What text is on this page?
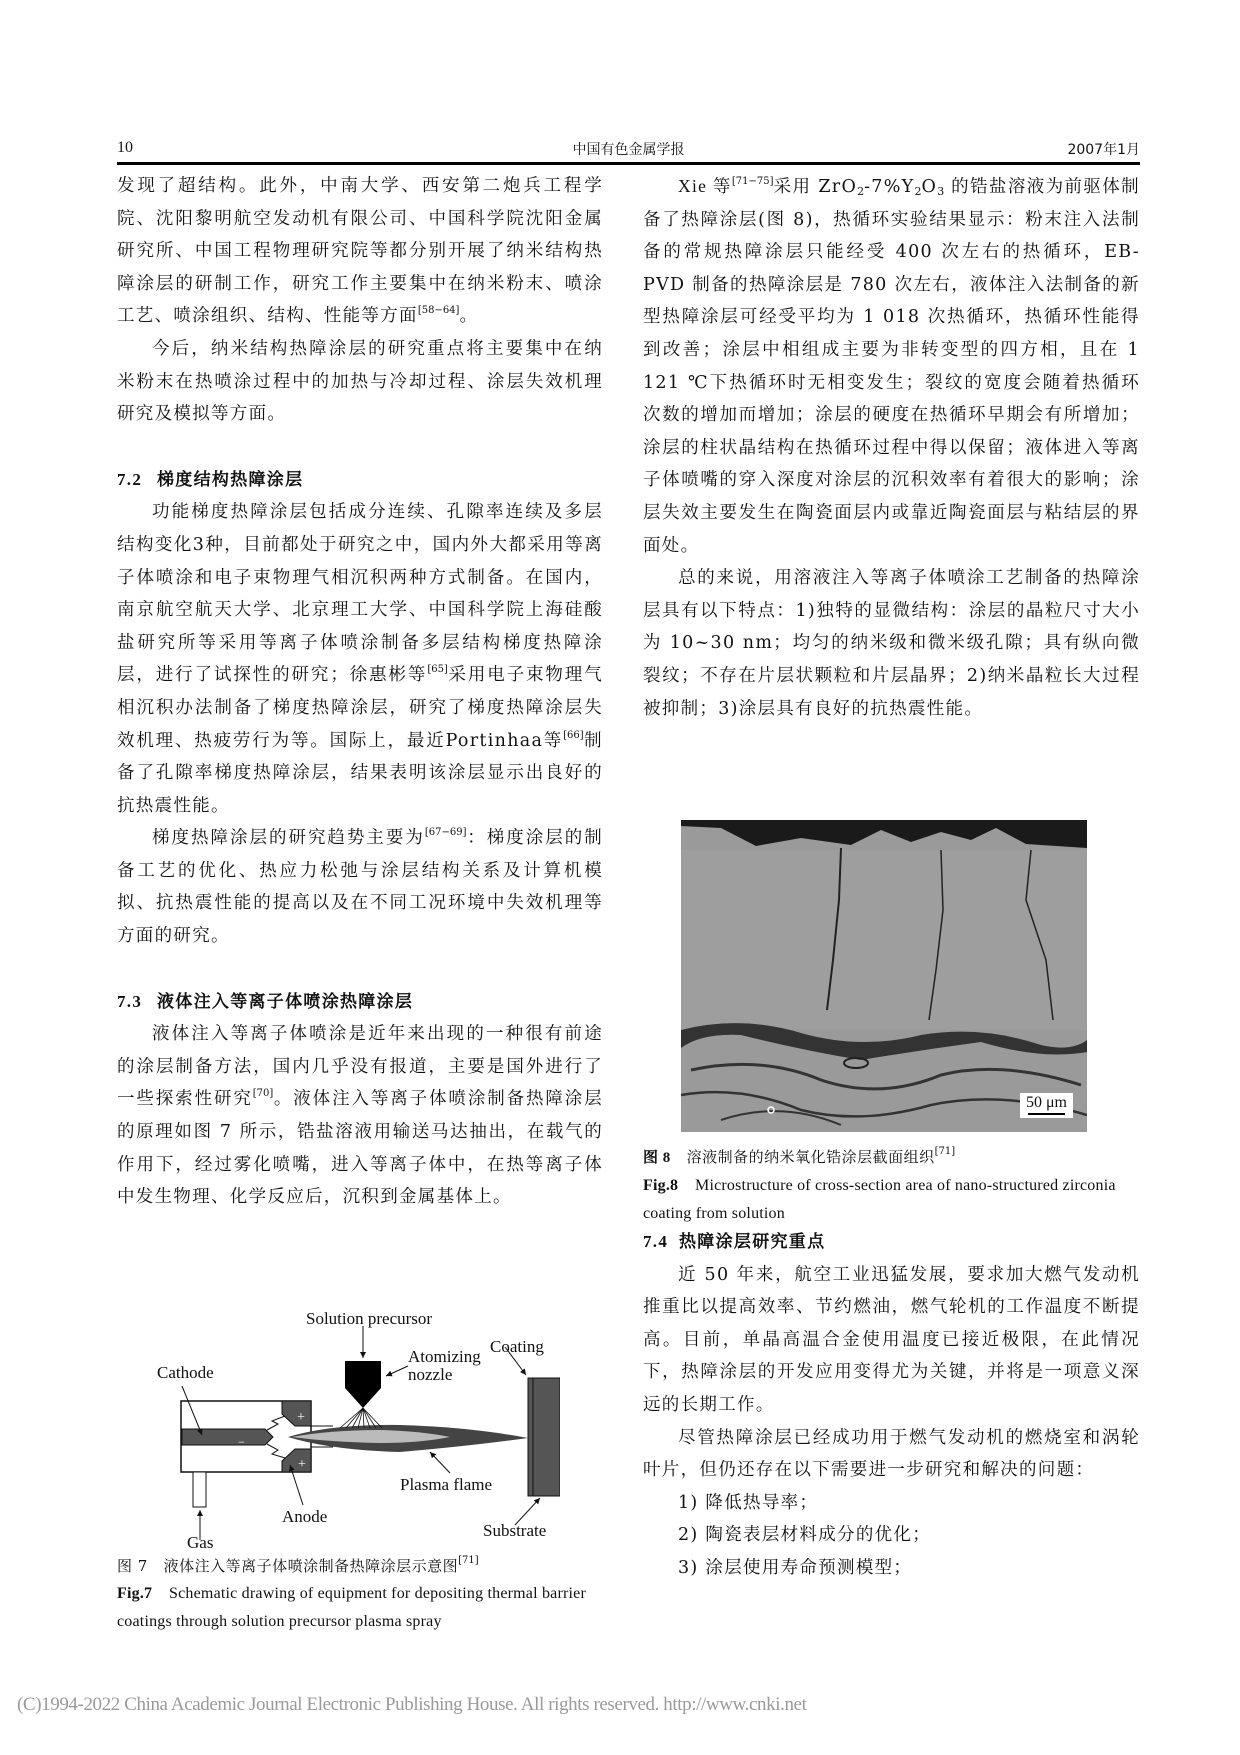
10	中国有色金属学报	2007年1月

发现了超结构。此外，中南大学、西安第二炮兵工程学院、沈阳黎明航空发动机有限公司、中国科学院沈阳金属研究所、中国工程物理研究院等都分别开展了纳米结构热障涂层的研制工作，研究工作主要集中在纳米粉末、喷涂工艺、喷涂组织、结构、性能等方面[58−64]。

今后，纳米结构热障涂层的研究重点将主要集中在纳米粉末在热喷涂过程中的加热与冷却过程、涂层失效机理研究及模拟等方面。

7.2 梯度结构热障涂层

功能梯度热障涂层包括成分连续、孔隙率连续及多层结构变化3种，目前都处于研究之中，国内外大都采用等离子体喷涂和电子束物理气相沉积两种方式制备。在国内，南京航空航天大学、北京理工大学、中国科学院上海硅酸盐研究所等采用等离子体喷涂制备多层结构梯度热障涂层，进行了试探性的研究；徐惠彬等[65]采用电子束物理气相沉积办法制备了梯度热障涂层，研究了梯度热障涂层失效机理、热疲劳行为等。国际上，最近Portinhaa等[66]制备了孔隙率梯度热障涂层，结果表明该涂层显示出良好的抗热震性能。

梯度热障涂层的研究趋势主要为[67−69]：梯度涂层的制备工艺的优化、热应力松弛与涂层结构关系及计算机模拟、抗热震性能的提高以及在不同工况环境中失效机理等方面的研究。

7.3 液体注入等离子体喷涂热障涂层

液体注入等离子体喷涂是近年来出现的一种很有前途的涂层制备方法，国内几乎没有报道，主要是国外进行了一些探索性研究[70]。液体注入等离子体喷涂制备热障涂层的原理如图 7 所示，锆盐溶液用输送马达抽出，在载气的作用下，经过雾化喷嘴，进入等离子体中，在热等离子体中发生物理、化学反应后，沉积到金属基体上。

+
+
−
Solution precursor
Atomizing
nozzle
Coating
Cathode
Plasma flame
Anode
Gas
Substrate
图 7 液体注入等离子体喷涂制备热障涂层示意图[71]
Fig.7 Schematic drawing of equipment for depositing thermal barrier coatings through solution precursor plasma spray

Xie 等[71−75]采用 $ZrO_2-7\%Y_2O_3$ 的锆盐溶液为前驱体制备了热障涂层(图 8)，热循环实验结果显示：粉末注入法制备的常规热障涂层只能经受 400 次左右的热循环，EB-PVD 制备的热障涂层是 780 次左右，液体注入法制备的新型热障涂层可经受平均为 1 018 次热循环，热循环性能得到改善；涂层中相组成主要为非转变型的四方相，且在 1 121 ℃下热循环时无相变发生；裂纹的宽度会随着热循环次数的增加而增加；涂层的硬度在热循环早期会有所增加；涂层的柱状晶结构在热循环过程中得以保留；液体进入等离子体喷嘴的穿入深度对涂层的沉积效率有着很大的影响；涂层失效主要发生在陶瓷面层内或靠近陶瓷面层与粘结层的界面处。

总的来说，用溶液注入等离子体喷涂工艺制备的热障涂层具有以下特点：1)独特的显微结构：涂层的晶粒尺寸大小为 10~30 nm；均匀的纳米级和微米级孔隙；具有纵向微裂纹；不存在片层状颗粒和片层晶界；2)纳米晶粒长大过程被抑制；3)涂层具有良好的抗热震性能。

50 μm
图 8 溶液制备的纳米氧化锆涂层截面组织[71]
Fig.8 Microstructure of cross-section area of nano-structured zirconia coating from solution

7.4 热障涂层研究重点

近 50 年来，航空工业迅猛发展，要求加大燃气发动机推重比以提高效率、节约燃油，燃气轮机的工作温度不断提高。目前，单晶高温合金使用温度已接近极限，在此情况下，热障涂层的开发应用变得尤为关键，并将是一项意义深远的长期工作。

尽管热障涂层已经成功用于燃气发动机的燃烧室和涡轮叶片，但仍还存在以下需要进一步研究和解决的问题：

1) 降低热导率；

2) 陶瓷表层材料成分的优化；

3) 涂层使用寿命预测模型；

(C)1994-2022 China Academic Journal Electronic Publishing House. All rights reserved. http://www.cnki.net
